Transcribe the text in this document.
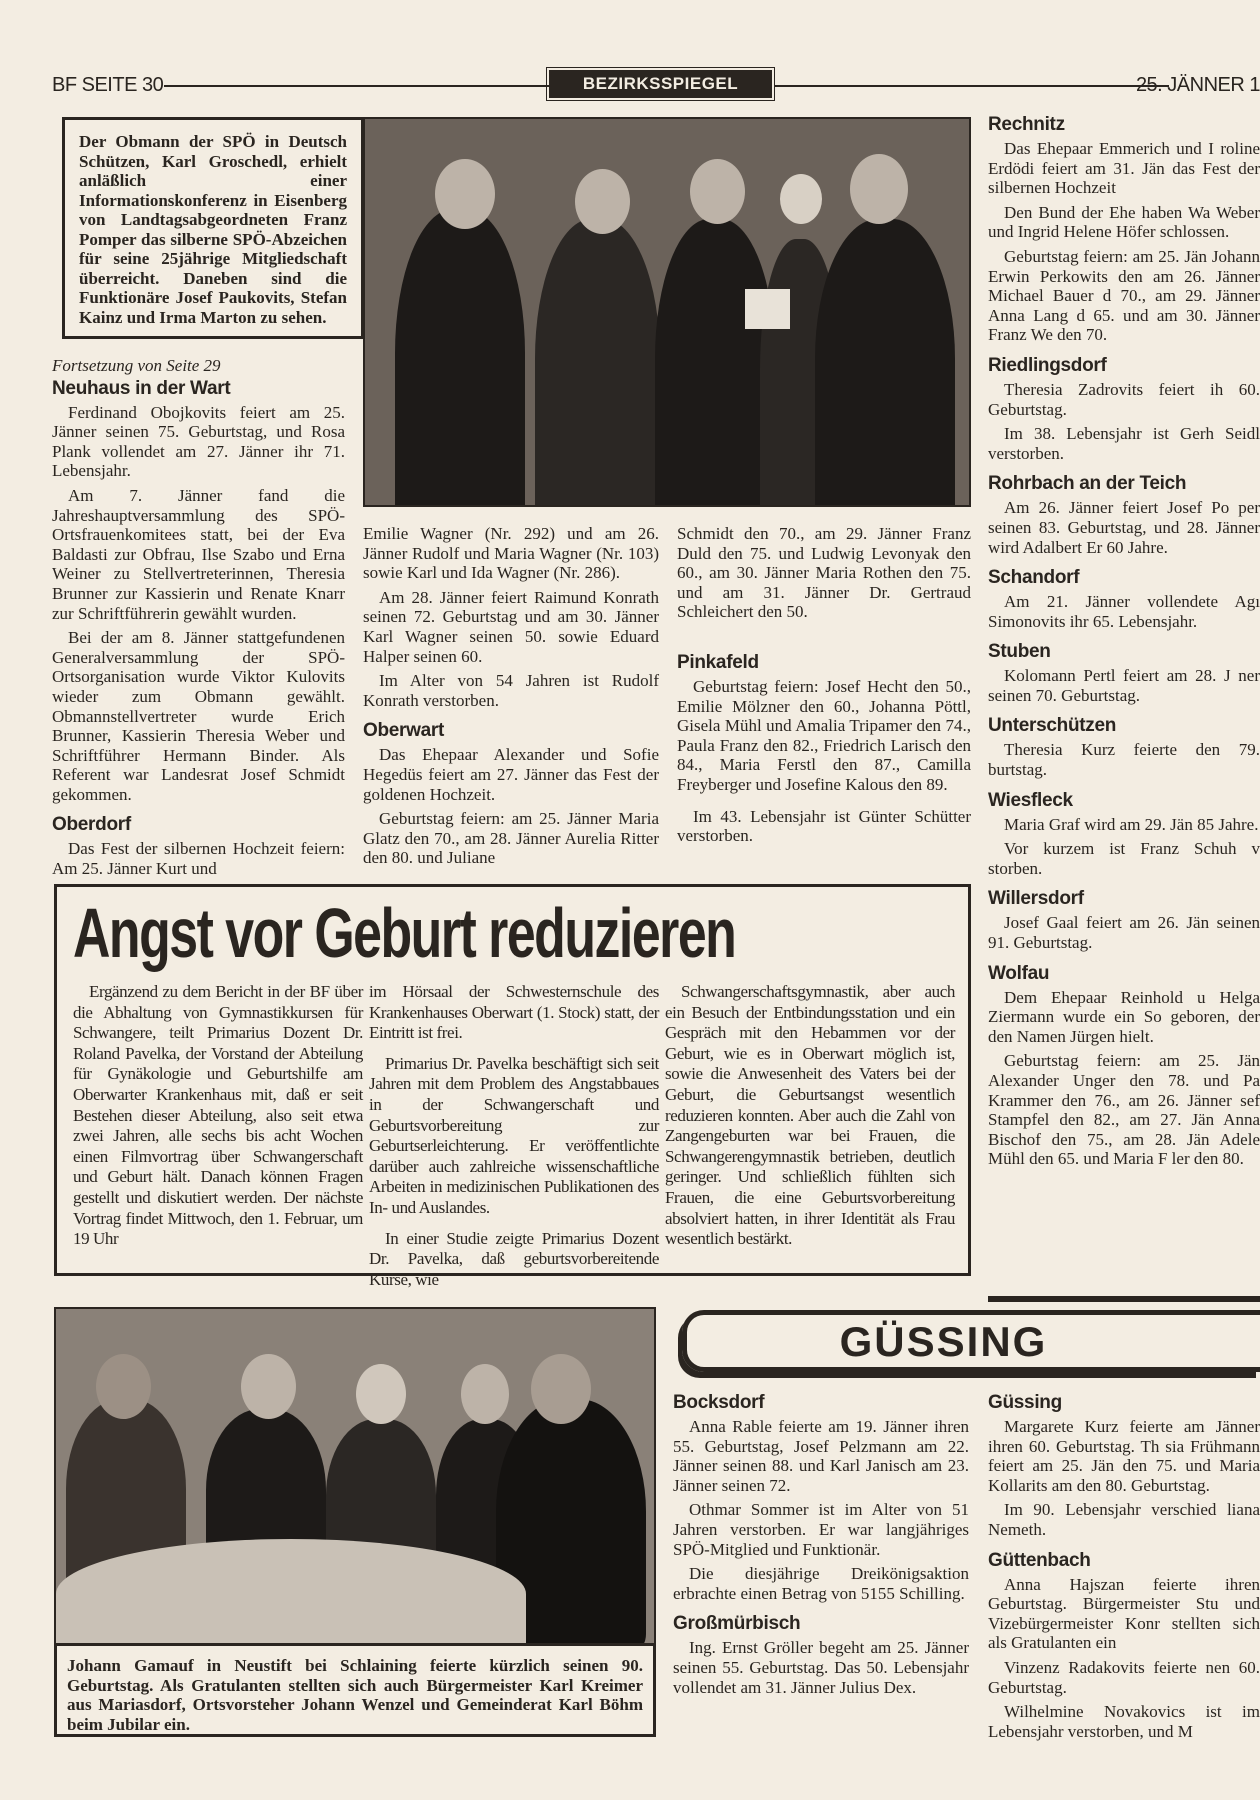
BF SEITE 30	BEZIRKSSPIEGEL	25. JÄNNER 1
Der Obmann der SPÖ in Deutsch Schützen, Karl Groschedl, erhielt anläßlich einer Informationskonferenz in Eisenberg von Landtagsabgeordneten Franz Pomper das silberne SPÖ-Abzeichen für seine 25jährige Mitgliedschaft überreicht. Daneben sind die Funktionäre Josef Paukovits, Stefan Kainz und Irma Marton zu sehen.
Fortsetzung von Seite 29
Neuhaus in der Wart

Ferdinand Obojkovits feiert am 25. Jänner seinen 75. Geburtstag, und Rosa Plank vollendet am 27. Jänner ihr 71. Lebensjahr.

Am 7. Jänner fand die Jahreshauptversammlung des SPÖ-Ortsfrauenkomitees statt, bei der Eva Baldasti zur Obfrau, Ilse Szabo und Erna Weiner zu Stellvertreterinnen, Theresia Brunner zur Kassierin und Renate Knarr zur Schriftführerin gewählt wurden.

Bei der am 8. Jänner stattgefundenen Generalversammlung der SPÖ-Ortsorganisation wurde Viktor Kulovits wieder zum Obmann gewählt. Obmannstellvertreter wurde Erich Brunner, Kassierin Theresia Weber und Schriftführer Hermann Binder. Als Referent war Landesrat Josef Schmidt gekommen.

Oberdorf

Das Fest der silbernen Hochzeit feiern: Am 25. Jänner Kurt und

Emilie Wagner (Nr. 292) und am 26. Jänner Rudolf und Maria Wagner (Nr. 103) sowie Karl und Ida Wagner (Nr. 286).

Am 28. Jänner feiert Raimund Konrath seinen 72. Geburtstag und am 30. Jänner Karl Wagner seinen 50. sowie Eduard Halper seinen 60.

Im Alter von 54 Jahren ist Rudolf Konrath verstorben.

Oberwart

Das Ehepaar Alexander und Sofie Hegedüs feiert am 27. Jänner das Fest der goldenen Hochzeit.

Geburtstag feiern: am 25. Jänner Maria Glatz den 70., am 28. Jänner Aurelia Ritter den 80. und Juliane

Schmidt den 70., am 29. Jänner Franz Duld den 75. und Ludwig Levonyak den 60., am 30. Jänner Maria Rothen den 75. und am 31. Jänner Dr. Gertraud Schleichert den 50.

Pinkafeld

Geburtstag feiern: Josef Hecht den 50., Emilie Mölzner den 60., Johanna Pöttl, Gisela Mühl und Amalia Tripamer den 74., Paula Franz den 82., Friedrich Larisch den 84., Maria Ferstl den 87., Camilla Freyberger und Josefine Kalous den 89.

Im 43. Lebensjahr ist Günter Schütter verstorben.

Rechnitz

Das Ehepaar Emmerich und I roline Erdödi feiert am 31. Jän das Fest der silbernen Hochzeit

Den Bund der Ehe haben Wa Weber und Ingrid Helene Höfer schlossen.

Geburtstag feiern: am 25. Jän Johann Erwin Perkowits den am 26. Jänner Michael Bauer d 70., am 29. Jänner Anna Lang d 65. und am 30. Jänner Franz We den 70.

Riedlingsdorf

Theresia Zadrovits feiert ih 60. Geburtstag.

Im 38. Lebensjahr ist Gerh Seidl verstorben.

Rohrbach an der Teich

Am 26. Jänner feiert Josef Po per seinen 83. Geburtstag, und 28. Jänner wird Adalbert Er 60 Jahre.

Schandorf

Am 21. Jänner vollendete Agı Simonovits ihr 65. Lebensjahr.

Stuben

Kolomann Pertl feiert am 28. J ner seinen 70. Geburtstag.

Unterschützen

Theresia Kurz feierte den 79. burtstag.

Wiesfleck

Maria Graf wird am 29. Jän 85 Jahre.

Vor kurzem ist Franz Schuh v storben.

Willersdorf

Josef Gaal feiert am 26. Jän seinen 91. Geburtstag.

Wolfau

Dem Ehepaar Reinhold u Helga Ziermann wurde ein So geboren, der den Namen Jürgen hielt.

Geburtstag feiern: am 25. Jän Alexander Unger den 78. und Pa Krammer den 76., am 26. Jänner sef Stampfel den 82., am 27. Jän Anna Bischof den 75., am 28. Jän Adele Mühl den 65. und Maria F ler den 80.

Angst vor Geburt reduzieren

Ergänzend zu dem Bericht in der BF über die Abhaltung von Gymnastikkursen für Schwangere, teilt Primarius Dozent Dr. Roland Pavelka, der Vorstand der Abteilung für Gynäkologie und Geburtshilfe am Oberwarter Krankenhaus mit, daß er seit Bestehen dieser Abteilung, also seit etwa zwei Jahren, alle sechs bis acht Wochen einen Filmvortrag über Schwangerschaft und Geburt hält. Danach können Fragen gestellt und diskutiert werden. Der nächste Vortrag findet Mittwoch, den 1. Februar, um 19 Uhr

im Hörsaal der Schwesternschule des Krankenhauses Oberwart (1. Stock) statt, der Eintritt ist frei.

Primarius Dr. Pavelka beschäftigt sich seit Jahren mit dem Problem des Angstabbaues in der Schwangerschaft und Geburtsvorbereitung zur Geburtserleichterung. Er veröffentlichte darüber auch zahlreiche wissenschaftliche Arbeiten in medizinischen Publikationen des In- und Auslandes.

In einer Studie zeigte Primarius Dozent Dr. Pavelka, daß geburtsvorbereitende Kurse, wie

Schwangerschaftsgymnastik, aber auch ein Besuch der Entbindungsstation und ein Gespräch mit den Hebammen vor der Geburt, wie es in Oberwart möglich ist, sowie die Anwesenheit des Vaters bei der Geburt, die Geburtsangst wesentlich reduzieren konnten. Aber auch die Zahl von Zangengeburten war bei Frauen, die Schwangerengymnastik betrieben, deutlich geringer. Und schließlich fühlten sich Frauen, die eine Geburtsvorbereitung absolviert hatten, in ihrer Identität als Frau wesentlich bestärkt.

Johann Gamauf in Neustift bei Schlaining feierte kürzlich seinen 90. Geburtstag. Als Gratulanten stellten sich auch Bürgermeister Karl Kreimer aus Mariasdorf, Ortsvorsteher Johann Wenzel und Gemeinderat Karl Böhm beim Jubilar ein.
GÜSSING
Bocksdorf

Anna Rable feierte am 19. Jänner ihren 55. Geburtstag, Josef Pelzmann am 22. Jänner seinen 88. und Karl Janisch am 23. Jänner seinen 72.

Othmar Sommer ist im Alter von 51 Jahren verstorben. Er war langjähriges SPÖ-Mitglied und Funktionär.

Die diesjährige Dreikönigsaktion erbrachte einen Betrag von 5155 Schilling.

Großmürbisch

Ing. Ernst Gröller begeht am 25. Jänner seinen 55. Geburtstag. Das 50. Lebensjahr vollendet am 31. Jänner Julius Dex.

Güssing

Margarete Kurz feierte am Jänner ihren 60. Geburtstag. Th sia Frühmann feiert am 25. Jän den 75. und Maria Kollarits am den 80. Geburtstag.

Im 90. Lebensjahr verschied liana Nemeth.

Güttenbach

Anna Hajszan feierte ihren Geburtstag. Bürgermeister Stu und Vizebürgermeister Konr stellten sich als Gratulanten ein

Vinzenz Radakovits feierte nen 60. Geburtstag.

Wilhelmine Novakovics ist im Lebensjahr verstorben, und M
